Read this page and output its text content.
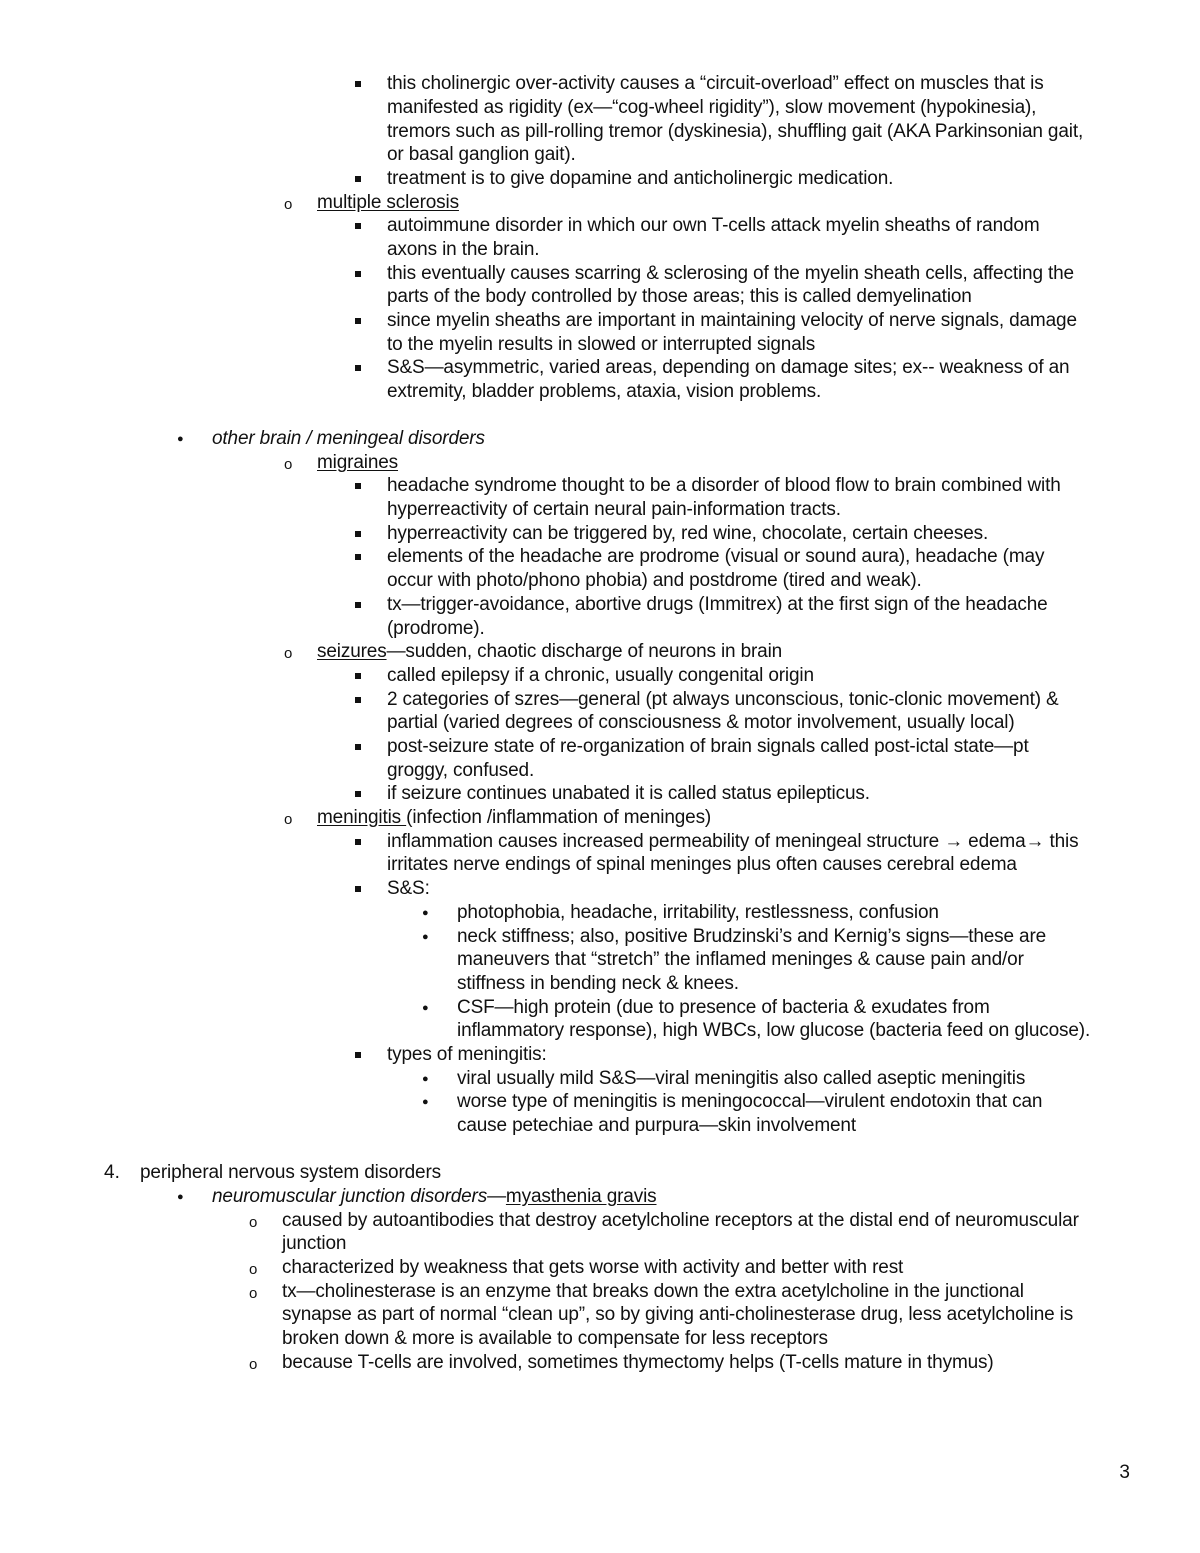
this cholinergic over-activity causes a “circuit-overload” effect on muscles that is
manifested as rigidity (ex—“cog-wheel rigidity”), slow movement (hypokinesia),
tremors such as pill-rolling tremor (dyskinesia), shuffling gait (AKA Parkinsonian gait,
or basal ganglion gait).
treatment is to give dopamine and anticholinergic medication.
o multiple sclerosis
autoimmune disorder in which our own T-cells attack myelin sheaths of random
axons in the brain.
this eventually causes scarring & sclerosing of the myelin sheath cells, affecting the
parts of the body controlled by those areas; this is called demyelination
since myelin sheaths are important in maintaining velocity of nerve signals, damage
to the myelin results in slowed or interrupted signals
S&S—asymmetric, varied areas, depending on damage sites; ex-- weakness of an
extremity, bladder problems, ataxia, vision problems.
● other brain / meningeal disorders
o migraines
headache syndrome thought to be a disorder of blood flow to brain combined with
hyperreactivity of certain neural pain-information tracts.
hyperreactivity can be triggered by, red wine, chocolate, certain cheeses.
elements of the headache are prodrome (visual or sound aura), headache (may
occur with photo/phono phobia) and postdrome (tired and weak).
tx—trigger-avoidance, abortive drugs (Immitrex) at the first sign of the headache
(prodrome).
o seizures—sudden, chaotic discharge of neurons in brain
called epilepsy if a chronic, usually congenital origin
2 categories of szres—general (pt always unconscious, tonic-clonic movement) &
partial (varied degrees of consciousness & motor involvement, usually local)
post-seizure state of re-organization of brain signals called post-ictal state—pt
groggy, confused.
if seizure continues unabated it is called status epilepticus.
o meningitis (infection /inflammation of meninges)
inflammation causes increased permeability of meningeal structure → edema→ this
irritates nerve endings of spinal meninges plus often causes cerebral edema
S&S:
● photophobia, headache, irritability, restlessness, confusion
● neck stiffness; also, positive Brudzinski’s and Kernig’s signs—these are
maneuvers that “stretch” the inflamed meninges & cause pain and/or
stiffness in bending neck & knees.
● CSF—high protein (due to presence of bacteria & exudates from
inflammatory response), high WBCs, low glucose (bacteria feed on glucose).
types of meningitis:
● viral usually mild S&S—viral meningitis also called aseptic meningitis
● worse type of meningitis is meningococcal—virulent endotoxin that can
cause petechiae and purpura—skin involvement
4. peripheral nervous system disorders
● neuromuscular junction disorders—myasthenia gravis
o caused by autoantibodies that destroy acetylcholine receptors at the distal end of neuromuscular
junction
o characterized by weakness that gets worse with activity and better with rest
o tx—cholinesterase is an enzyme that breaks down the extra acetylcholine in the junctional
synapse as part of normal “clean up”, so by giving anti-cholinesterase drug, less acetylcholine is
broken down & more is available to compensate for less receptors
o because T-cells are involved, sometimes thymectomy helps (T-cells mature in thymus)
3
